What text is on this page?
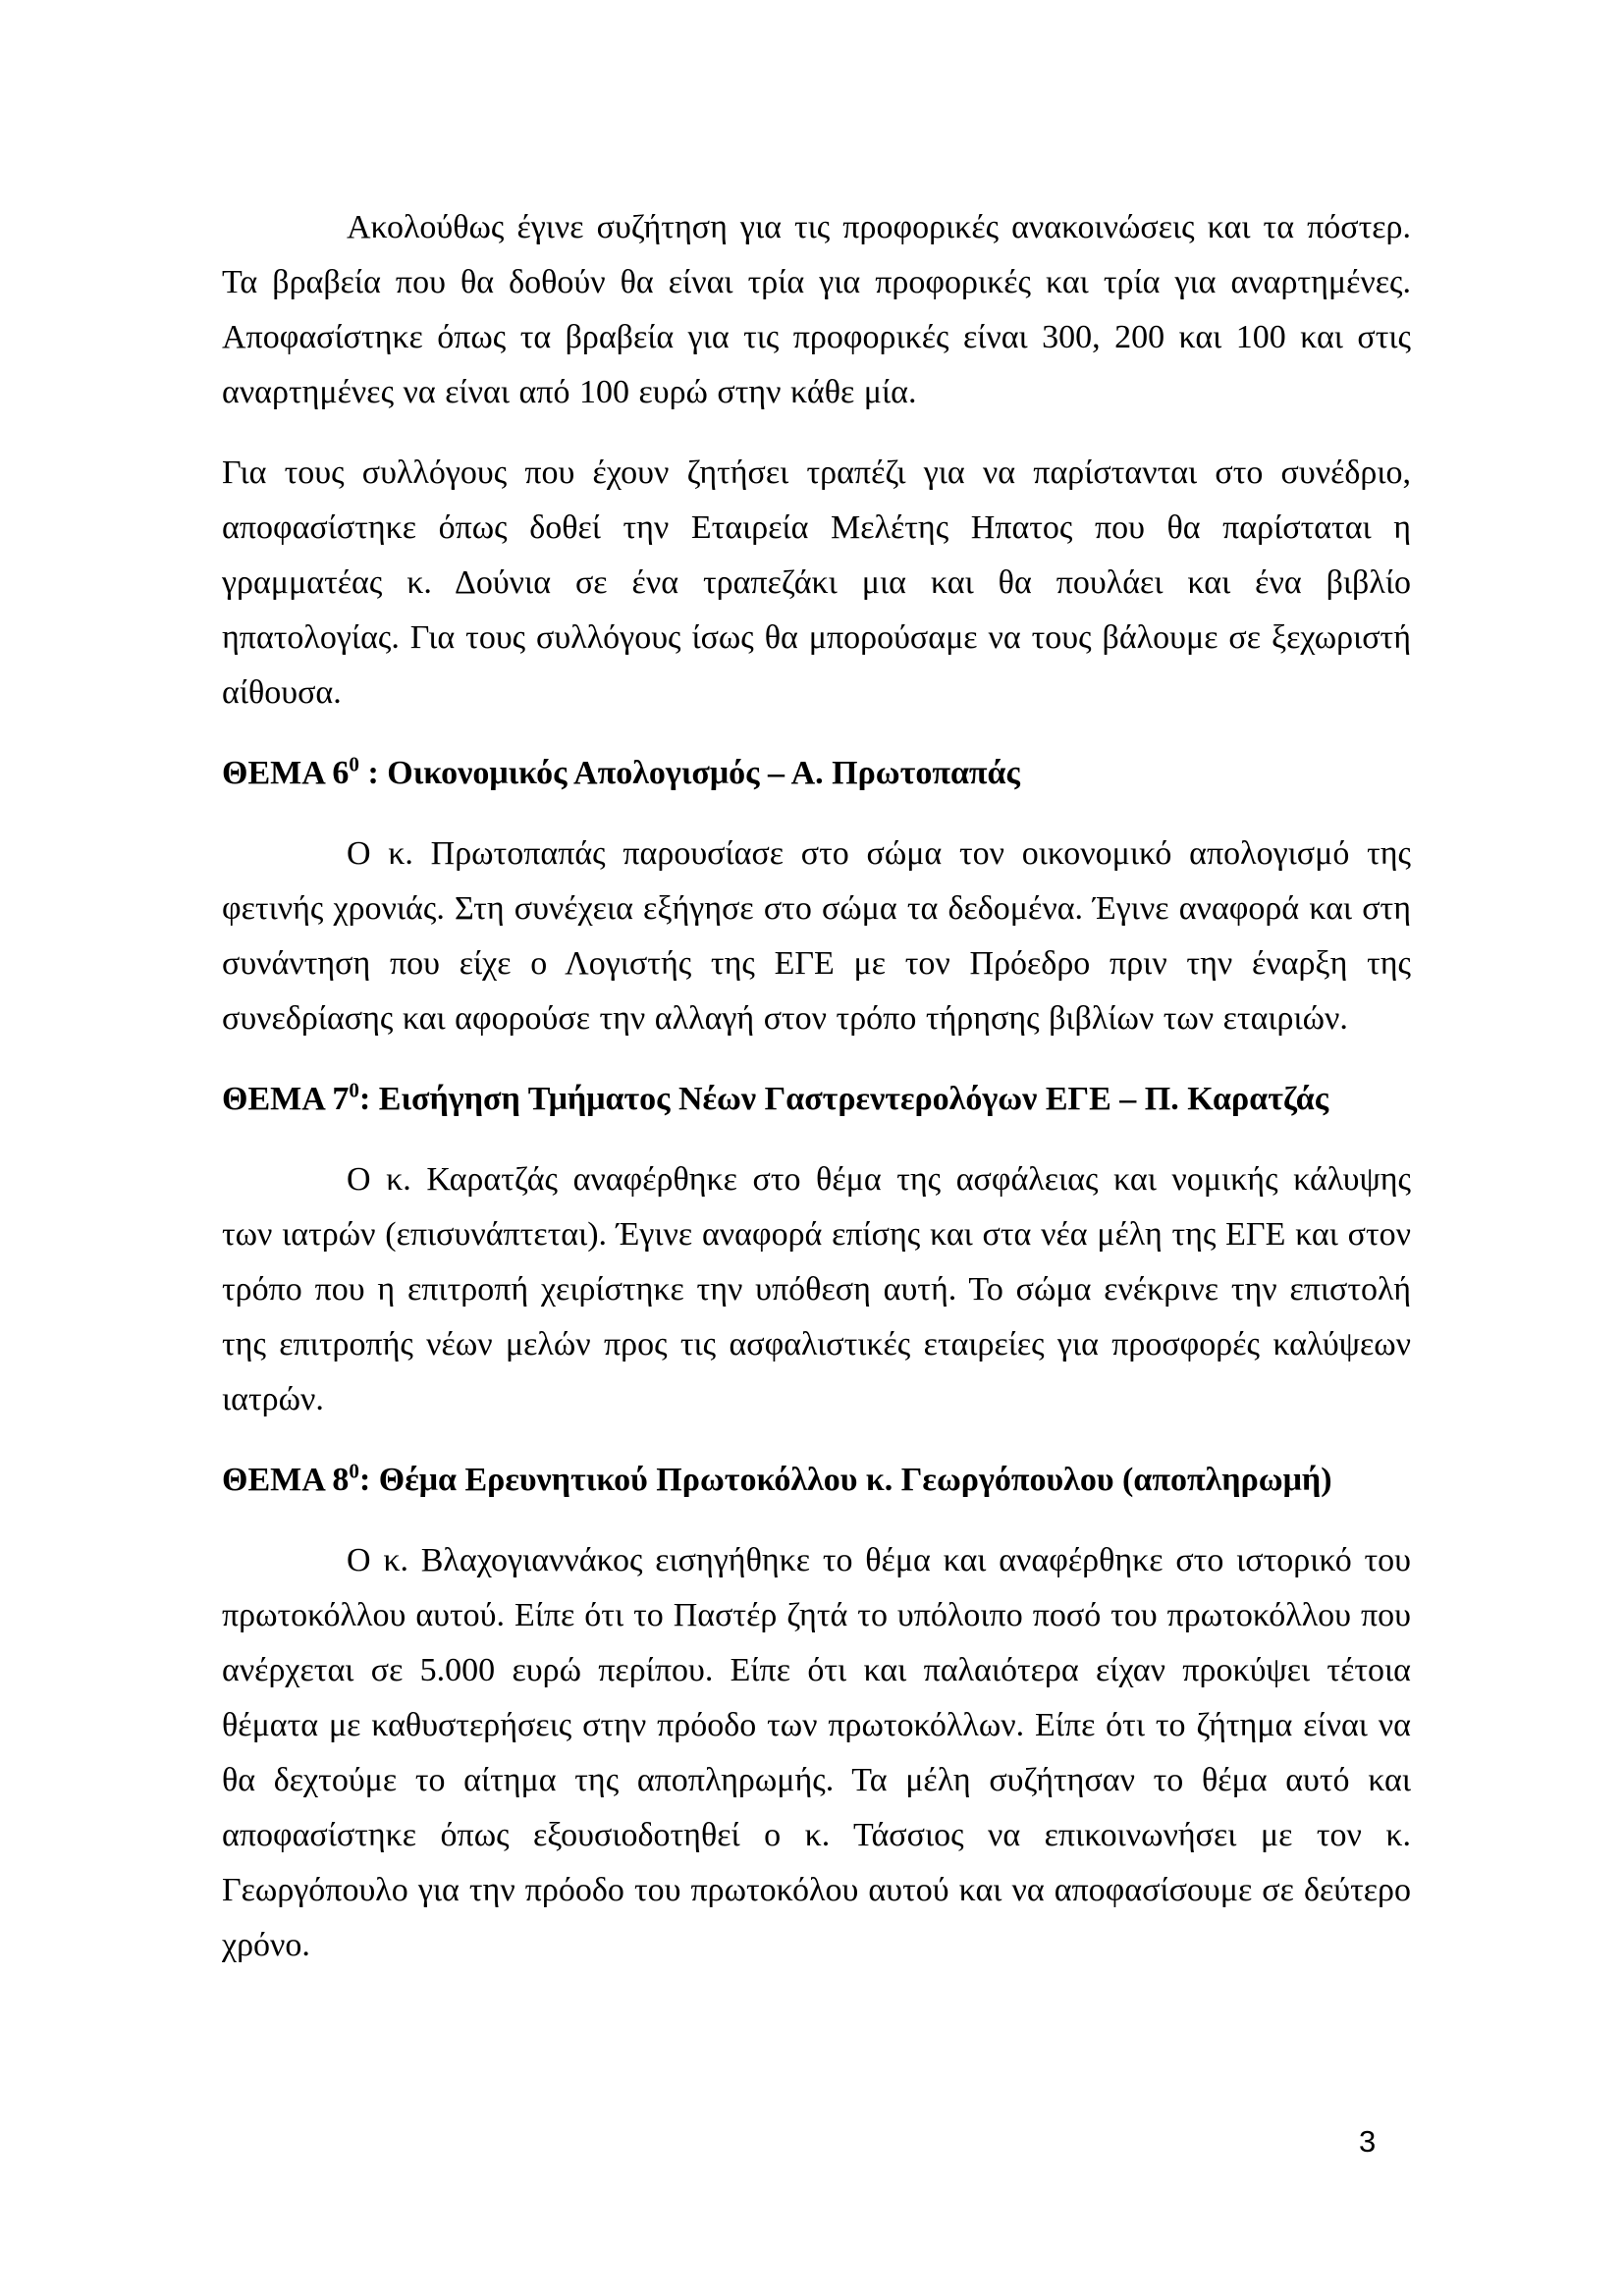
Ακολούθως έγινε συζήτηση για τις προφορικές ανακοινώσεις και τα πόστερ. Τα βραβεία που θα δοθούν θα είναι τρία για προφορικές και τρία για αναρτημένες. Αποφασίστηκε όπως τα βραβεία για τις προφορικές είναι 300, 200 και 100 και στις αναρτημένες να είναι από 100 ευρώ στην κάθε μία.

Για τους συλλόγους που έχουν ζητήσει τραπέζι για να παρίστανται στο συνέδριο, αποφασίστηκε όπως δοθεί την Εταιρεία Μελέτης Ηπατος που θα παρίσταται η γραμματέας κ. Δούνια σε ένα τραπεζάκι μια και θα πουλάει και ένα βιβλίο ηπατολογίας. Για τους συλλόγους ίσως θα μπορούσαμε να τους βάλουμε σε ξεχωριστή αίθουσα.

ΘΕΜΑ $6^0$ : Οικονομικός Απολογισμός – Α. Πρωτοπαπάς

Ο κ. Πρωτοπαπάς παρουσίασε στο σώμα τον οικονομικό απολογισμό της φετινής χρονιάς. Στη συνέχεια εξήγησε στο σώμα τα δεδομένα. Έγινε αναφορά και στη συνάντηση που είχε ο Λογιστής της ΕΓΕ με τον Πρόεδρο πριν την έναρξη της συνεδρίασης και αφορούσε την αλλαγή στον τρόπο τήρησης βιβλίων των εταιριών.

ΘΕΜΑ $7^0$: Εισήγηση Τμήματος Νέων Γαστρεντερολόγων ΕΓΕ – Π. Καρατζάς

Ο κ. Καρατζάς αναφέρθηκε στο θέμα της ασφάλειας και νομικής κάλυψης των ιατρών (επισυνάπτεται). Έγινε αναφορά επίσης και στα νέα μέλη της ΕΓΕ και στον τρόπο που η επιτροπή χειρίστηκε την υπόθεση αυτή. Το σώμα ενέκρινε την επιστολή της επιτροπής νέων μελών προς τις ασφαλιστικές εταιρείες για προσφορές καλύψεων ιατρών.

ΘΕΜΑ $8^0$: Θέμα Ερευνητικού Πρωτοκόλλου κ. Γεωργόπουλου (αποπληρωμή)

Ο κ. Βλαχογιαννάκος εισηγήθηκε το θέμα και αναφέρθηκε στο ιστορικό του πρωτοκόλλου αυτού. Είπε ότι το Παστέρ ζητά το υπόλοιπο ποσό του πρωτοκόλλου που ανέρχεται σε 5.000 ευρώ περίπου. Είπε ότι και παλαιότερα είχαν προκύψει τέτοια θέματα με καθυστερήσεις στην πρόοδο των πρωτοκόλλων. Είπε ότι το ζήτημα είναι να θα δεχτούμε το αίτημα της αποπληρωμής. Τα μέλη συζήτησαν το θέμα αυτό και αποφασίστηκε όπως εξουσιοδοτηθεί ο κ. Τάσσιος να επικοινωνήσει με τον κ. Γεωργόπουλο για την πρόοδο του πρωτοκόλου αυτού και να αποφασίσουμε σε δεύτερο χρόνο.

3
